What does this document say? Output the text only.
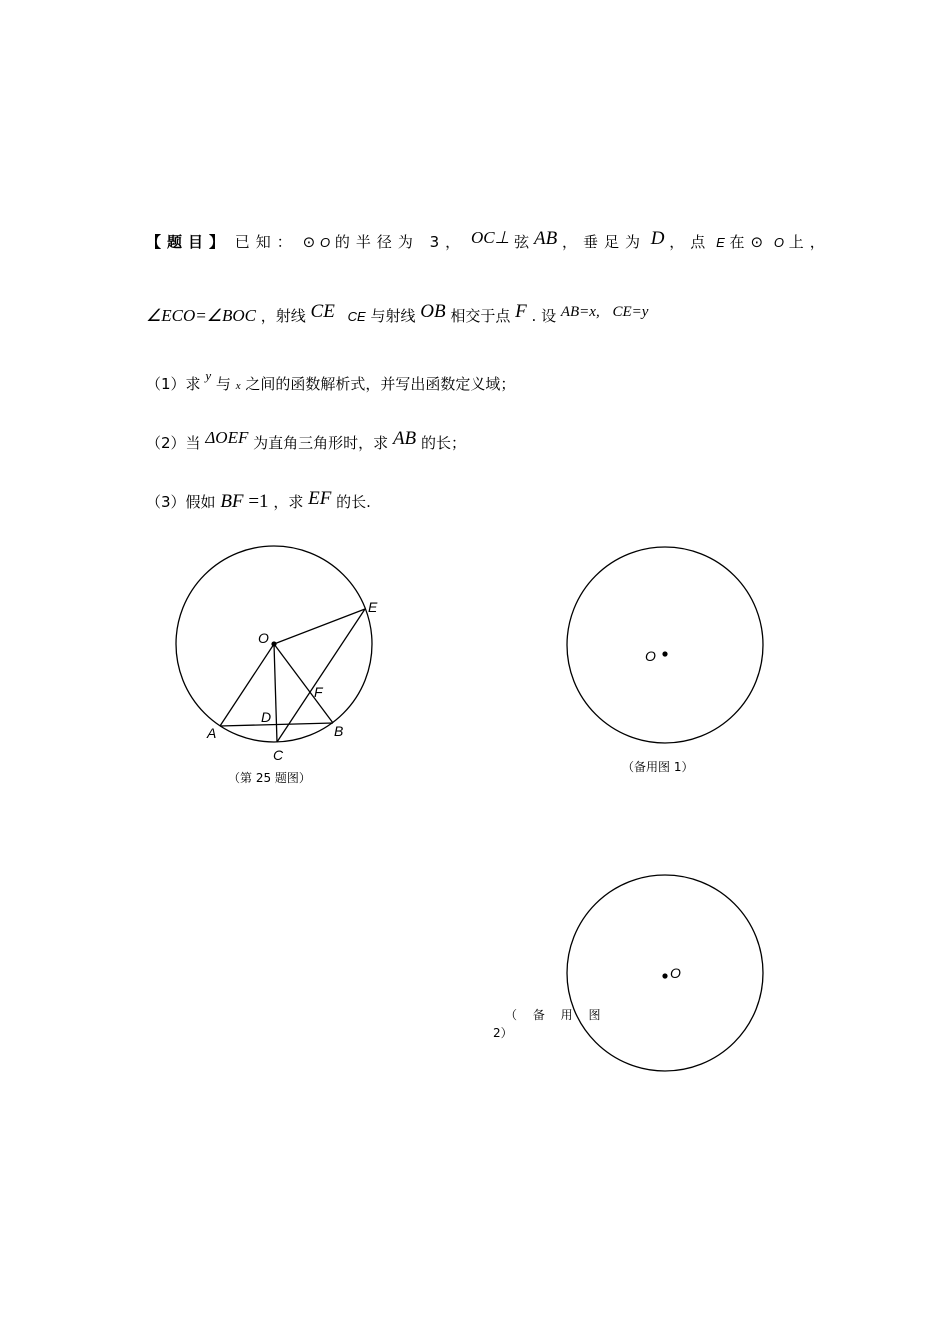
【题目】 已知： ⊙ O 的半径为 3， OC⊥ 弦 AB ，垂足为 D ，点 E 在⊙ O 上，
∠ECO=∠BOC ，射线 CE CE 与射线 OB 相交于点 F . 设 AB=x, CE=y
（1）求 y 与 x 之间的函数解析式，并写出函数定义域；
（2）当 ΔOEF 为直角三角形时，求 AB 的长；
（3）假如 BF =1 ，求 EF 的长.
O
E
F
D
A	B
C
O
O
（第 25 题图）
（备用图 1）
（ 备 用 图
2）
